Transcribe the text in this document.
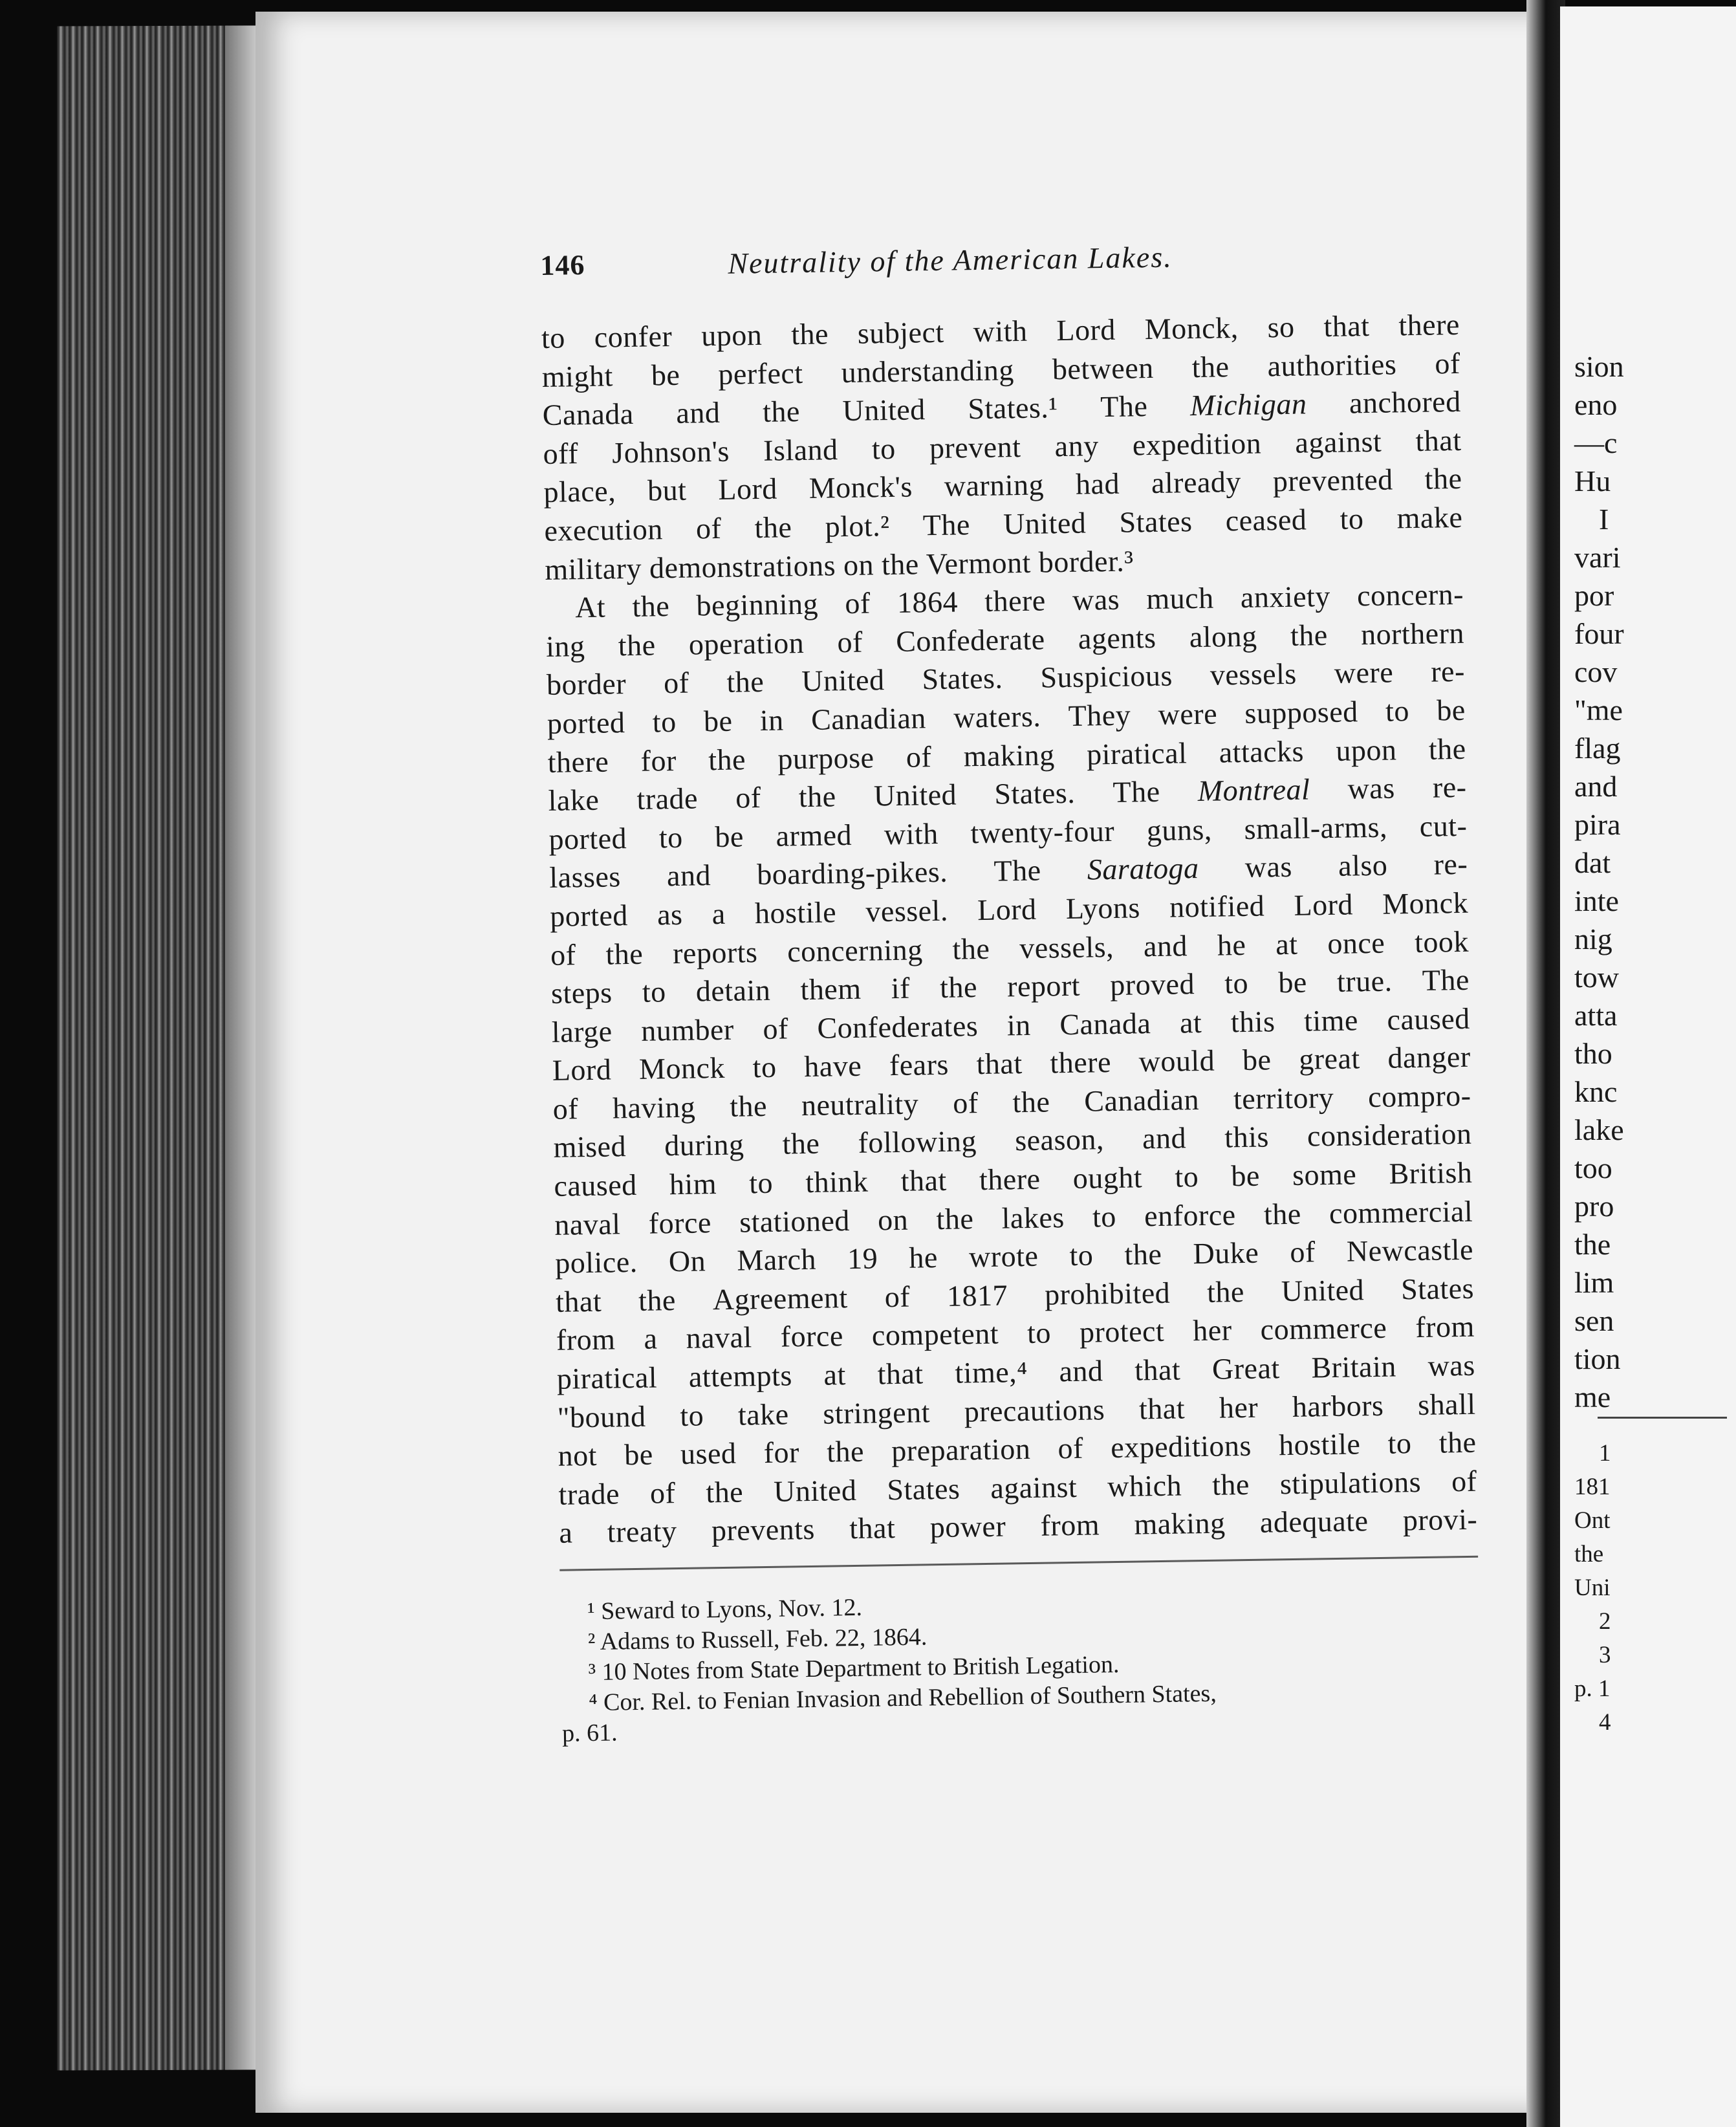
sion
eno
—c
Hu
I
vari
por
four
cov
"me
flag
and
pira
dat
inte
nig
tow
atta
tho
knc
lake
too
pro
the
lim
sen
tion
me
1
181
Ont
the
Uni
2
3
p. 1
4
146	Neutrality of the American Lakes.
to confer upon the subject with Lord Monck, so that there
might be perfect understanding between the authorities of
Canada and the United States.¹ The Michigan anchored
off Johnson's Island to prevent any expedition against that
place, but Lord Monck's warning had already prevented the
execution of the plot.² The United States ceased to make
military demonstrations on the Vermont border.³
At the beginning of 1864 there was much anxiety concern-
ing the operation of Confederate agents along the northern
border of the United States. Suspicious vessels were re-
ported to be in Canadian waters. They were supposed to be
there for the purpose of making piratical attacks upon the
lake trade of the United States. The Montreal was re-
ported to be armed with twenty-four guns, small-arms, cut-
lasses and boarding-pikes. The Saratoga was also re-
ported as a hostile vessel. Lord Lyons notified Lord Monck
of the reports concerning the vessels, and he at once took
steps to detain them if the report proved to be true. The
large number of Confederates in Canada at this time caused
Lord Monck to have fears that there would be great danger
of having the neutrality of the Canadian territory compro-
mised during the following season, and this consideration
caused him to think that there ought to be some British
naval force stationed on the lakes to enforce the commercial
police. On March 19 he wrote to the Duke of Newcastle
that the Agreement of 1817 prohibited the United States
from a naval force competent to protect her commerce from
piratical attempts at that time,⁴ and that Great Britain was
"bound to take stringent precautions that her harbors shall
not be used for the preparation of expeditions hostile to the
trade of the United States against which the stipulations of
a treaty prevents that power from making adequate provi-
¹ Seward to Lyons, Nov. 12.
² Adams to Russell, Feb. 22, 1864.
³ 10 Notes from State Department to British Legation.
⁴ Cor. Rel. to Fenian Invasion and Rebellion of Southern States,
p. 61.
